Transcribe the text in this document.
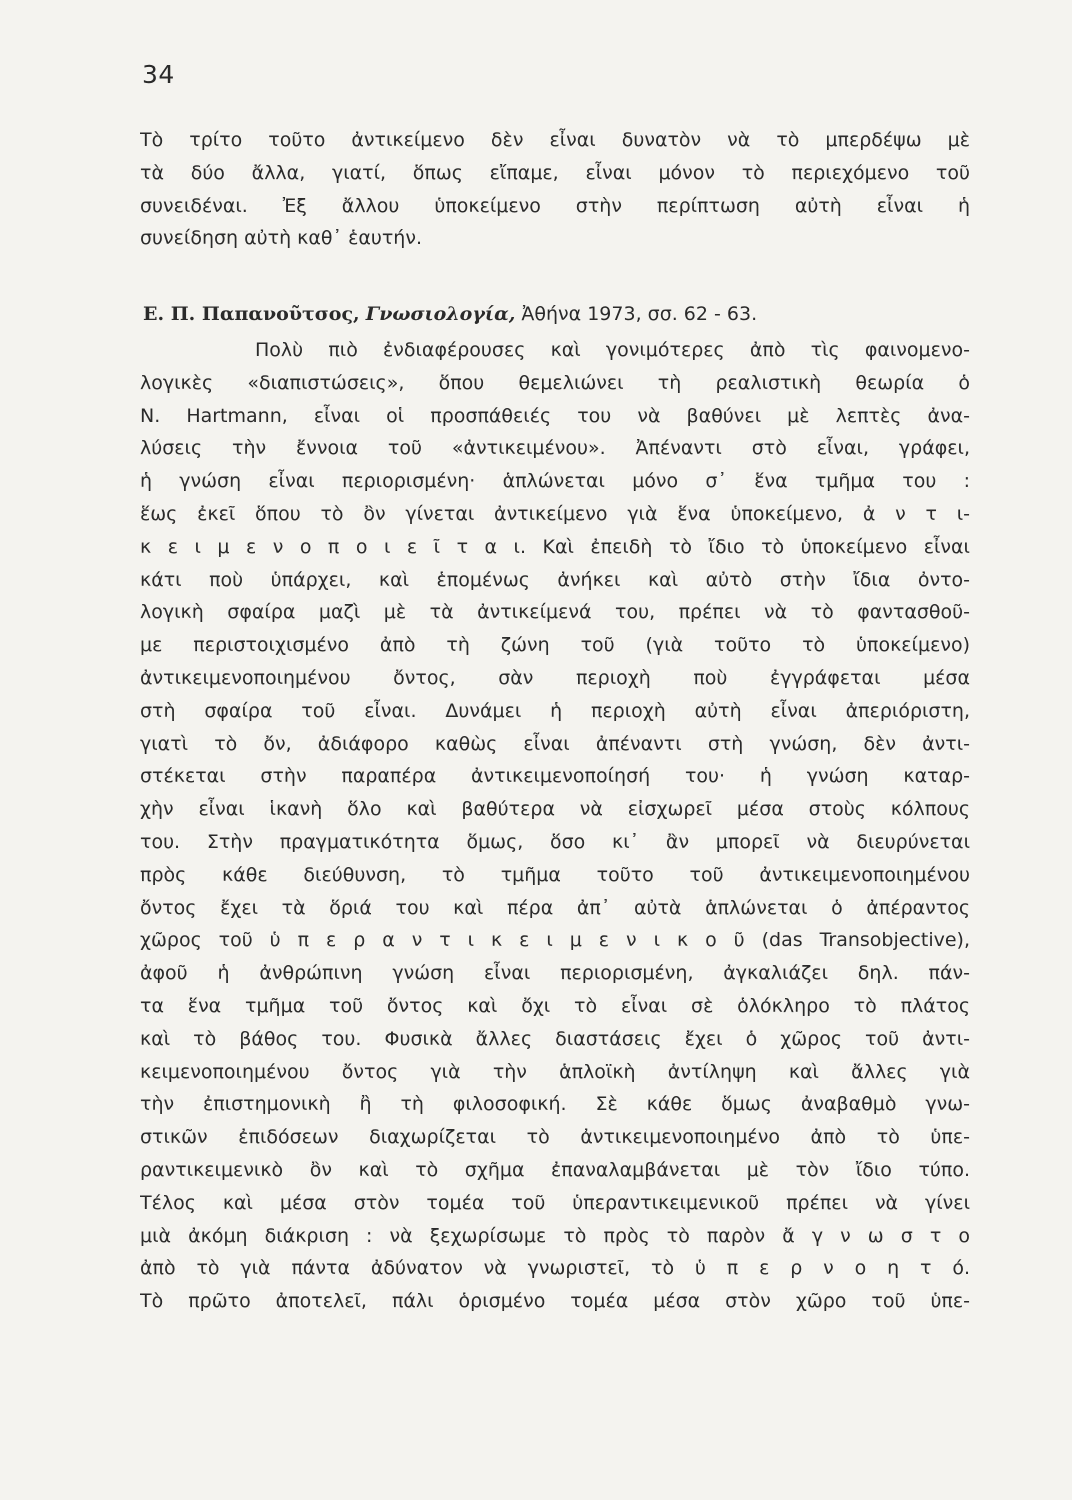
34
Τὸ τρίτο τοῦτο ἀντικείμενο δὲν εἶναι δυνατὸν νὰ τὸ μπερδέψω μὲ
τὰ δύο ἄλλα, γιατί, ὅπως εἴπαμε, εἶναι μόνον τὸ περιεχόμενο τοῦ
συνειδέναι. Ἐξ ἄλλου ὑποκείμενο στὴν περίπτωση αὐτὴ εἶναι ἡ
συνείδηση αὐτὴ καθ᾿ ἑαυτήν.
Ε. Π. Παπανοῦτσος, Γνωσιολογία, Ἀθήνα 1973, σσ. 62 - 63.
Πολὺ πιὸ ἐνδιαφέρουσες καὶ γονιμότερες ἀπὸ τὶς φαινομενο-
λογικὲς «διαπιστώσεις», ὅπου θεμελιώνει τὴ ρεαλιστικὴ θεωρία ὁ
N. Hartmann, εἶναι οἱ προσπάθειές του νὰ βαθύνει μὲ λεπτὲς ἀνα-
λύσεις τὴν ἔννοια τοῦ «ἀντικειμένου». Ἀπέναντι στὸ εἶναι, γράφει,
ἡ γνώση εἶναι περιορισμένη· ἁπλώνεται μόνο σ᾿ ἕνα τμῆμα του :
ἕως ἐκεῖ ὅπου τὸ ὂν γίνεται ἀντικείμενο γιὰ ἕνα ὑποκείμενο, ἀ ν τ ι-
κ ε ι μ ε ν ο π ο ι ε ῖ τ α ι. Καὶ ἐπειδὴ τὸ ἴδιο τὸ ὑποκείμενο εἶναι
κάτι ποὺ ὑπάρχει, καὶ ἑπομένως ἀνήκει καὶ αὐτὸ στὴν ἴδια ὀντο-
λογικὴ σφαίρα μαζὶ μὲ τὰ ἀντικείμενά του, πρέπει νὰ τὸ φαντασθοῦ-
με περιστοιχισμένο ἀπὸ τὴ ζώνη τοῦ (γιὰ τοῦτο τὸ ὑποκείμενο)
ἀντικειμενοποιημένου ὄντος, σὰν περιοχὴ ποὺ ἐγγράφεται μέσα
στὴ σφαίρα τοῦ εἶναι. Δυνάμει ἡ περιοχὴ αὐτὴ εἶναι ἀπεριόριστη,
γιατὶ τὸ ὄν, ἀδιάφορο καθὼς εἶναι ἀπέναντι στὴ γνώση, δὲν ἀντι-
στέκεται στὴν παραπέρα ἀντικειμενοποίησή του· ἡ γνώση καταρ-
χὴν εἶναι ἱκανὴ ὅλο καὶ βαθύτερα νὰ εἰσχωρεῖ μέσα στοὺς κόλπους
του. Στὴν πραγματικότητα ὅμως, ὅσο κι᾿ ἂν μπορεῖ νὰ διευρύνεται
πρὸς κάθε διεύθυνση, τὸ τμῆμα τοῦτο τοῦ ἀντικειμενοποιημένου
ὄντος ἔχει τὰ ὅριά του καὶ πέρα ἀπ᾿ αὐτὰ ἁπλώνεται ὁ ἀπέραντος
χῶρος τοῦ ὑ π ε ρ α ν τ ι κ ε ι μ ε ν ι κ ο ῦ (das Transobjective),
ἀφοῦ ἡ ἀνθρώπινη γνώση εἶναι περιορισμένη, ἀγκαλιάζει δηλ. πάν-
τα ἕνα τμῆμα τοῦ ὄντος καὶ ὄχι τὸ εἶναι σὲ ὁλόκληρο τὸ πλάτος
καὶ τὸ βάθος του. Φυσικὰ ἄλλες διαστάσεις ἔχει ὁ χῶρος τοῦ ἀντι-
κειμενοποιημένου ὄντος γιὰ τὴν ἁπλοϊκὴ ἀντίληψη καὶ ἄλλες γιὰ
τὴν ἐπιστημονικὴ ἢ τὴ φιλοσοφική. Σὲ κάθε ὅμως ἀναβαθμὸ γνω-
στικῶν ἐπιδόσεων διαχωρίζεται τὸ ἀντικειμενοποιημένο ἀπὸ τὸ ὑπε-
ραντικειμενικὸ ὂν καὶ τὸ σχῆμα ἐπαναλαμβάνεται μὲ τὸν ἴδιο τύπο.
Τέλος καὶ μέσα στὸν τομέα τοῦ ὑπεραντικειμενικοῦ πρέπει νὰ γίνει
μιὰ ἀκόμη διάκριση : νὰ ξεχωρίσωμε τὸ πρὸς τὸ παρὸν ἄ γ ν ω σ τ ο
ἀπὸ τὸ γιὰ πάντα ἀδύνατον νὰ γνωριστεῖ, τὸ ὑ π ε ρ ν ο η τ ό.
Τὸ πρῶτο ἀποτελεῖ, πάλι ὁρισμένο τομέα μέσα στὸν χῶρο τοῦ ὑπε-
